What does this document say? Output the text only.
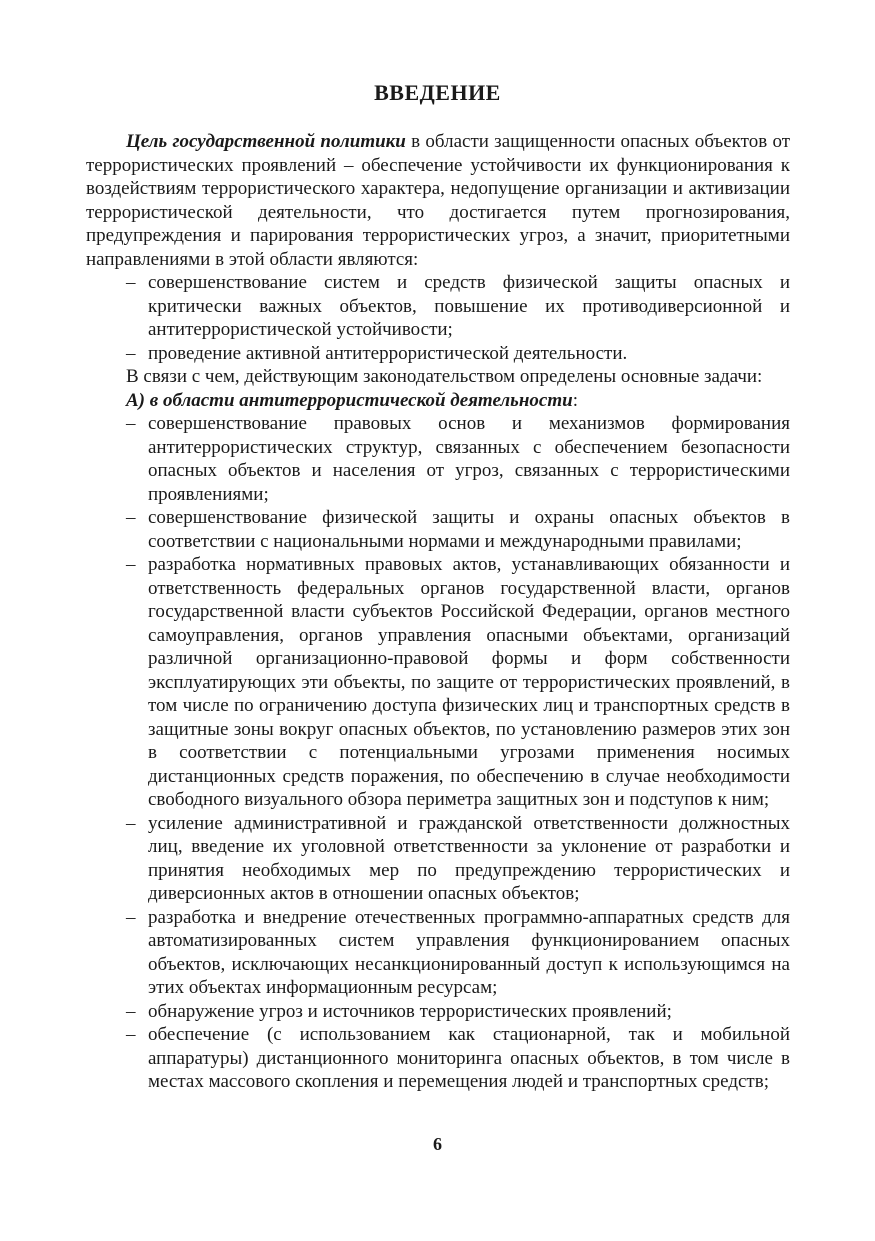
ВВЕДЕНИЕ

Цель государственной политики в области защищенности опасных объектов от террористических проявлений – обеспечение устойчивости их функционирования к воздействиям террористического характера, недопущение организации и активизации террористической деятельности, что достигается путем прогнозирования, предупреждения и парирования террористических угроз, а значит, приоритетными направлениями в этой области являются:

– совершенствование систем и средств физической защиты опасных и критически важных объектов, повышение их противодиверсионной и антитеррористической устойчивости;

– проведение активной антитеррористической деятельности.

В связи с чем, действующим законодательством определены основные задачи:

А) в области антитеррористической деятельности:

– совершенствование правовых основ и механизмов формирования антитеррористических структур, связанных с обеспечением безопасности опасных объектов и населения от угроз, связанных с террористическими проявлениями;

– совершенствование физической защиты и охраны опасных объектов в соответствии с национальными нормами и международными правилами;

– разработка нормативных правовых актов, устанавливающих обязанности и ответственность федеральных органов государственной власти, органов государственной власти субъектов Российской Федерации, органов местного самоуправления, органов управления опасными объектами, организаций различной организационно-правовой формы и форм собственности эксплуатирующих эти объекты, по защите от террористических проявлений, в том числе по ограничению доступа физических лиц и транспортных средств в защитные зоны вокруг опасных объектов, по установлению размеров этих зон в соответствии с потенциальными угрозами применения носимых дистанционных средств поражения, по обеспечению в случае необходимости свободного визуального обзора периметра защитных зон и подступов к ним;

– усиление административной и гражданской ответственности должностных лиц, введение их уголовной ответственности за уклонение от разработки и принятия необходимых мер по предупреждению террористических и диверсионных актов в отношении опасных объектов;

– разработка и внедрение отечественных программно-аппаратных средств для автоматизированных систем управления функционированием опасных объектов, исключающих несанкционированный доступ к использующимся на этих объектах информационным ресурсам;

– обнаружение угроз и источников террористических проявлений;

– обеспечение (с использованием как стационарной, так и мобильной аппаратуры) дистанционного мониторинга опасных объектов, в том числе в местах массового скопления и перемещения людей и транспортных средств;

6
